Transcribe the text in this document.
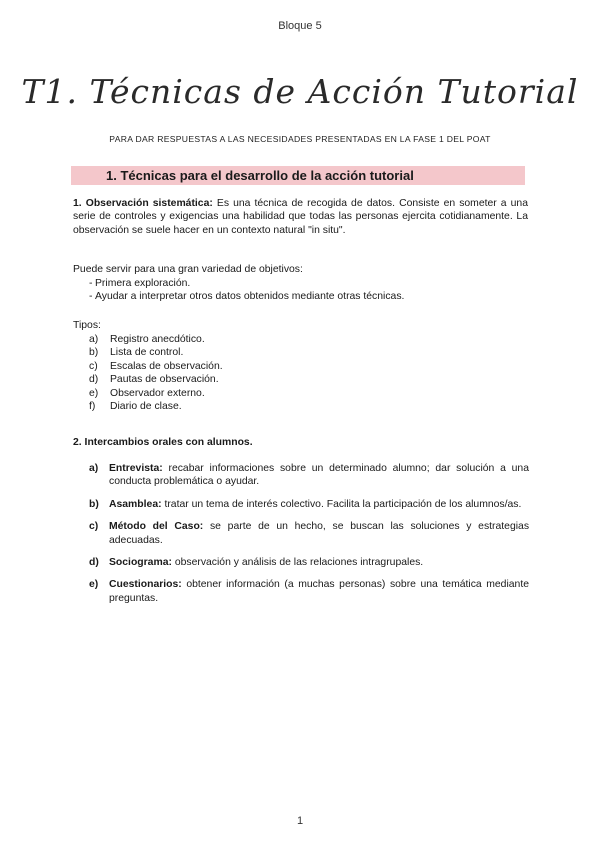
Bloque 5
T1. Técnicas de Acción Tutorial
PARA DAR RESPUESTAS A LAS NECESIDADES PRESENTADAS EN LA FASE 1 DEL POAT
1. Técnicas para el desarrollo de la acción tutorial
1. Observación sistemática: Es una técnica de recogida de datos. Consiste en someter a una serie de controles y exigencias una habilidad que todas las personas ejercita cotidianamente. La observación se suele hacer en un contexto natural "in situ".
Puede servir para una gran variedad de objetivos:
- Primera exploración.
- Ayudar a interpretar otros datos obtenidos mediante otras técnicas.
Tipos:
a) Registro anecdótico.
b) Lista de control.
c) Escalas de observación.
d) Pautas de observación.
e) Observador externo.
f) Diario de clase.
2. Intercambios orales con alumnos.
a) Entrevista: recabar informaciones sobre un determinado alumno; dar solución a una conducta problemática o ayudar.
b) Asamblea: tratar un tema de interés colectivo. Facilita la participación de los alumnos/as.
c) Método del Caso: se parte de un hecho, se buscan las soluciones y estrategias adecuadas.
d) Sociograma: observación y análisis de las relaciones intragrupales.
e) Cuestionarios: obtener información (a muchas personas) sobre una temática mediante preguntas.
1
